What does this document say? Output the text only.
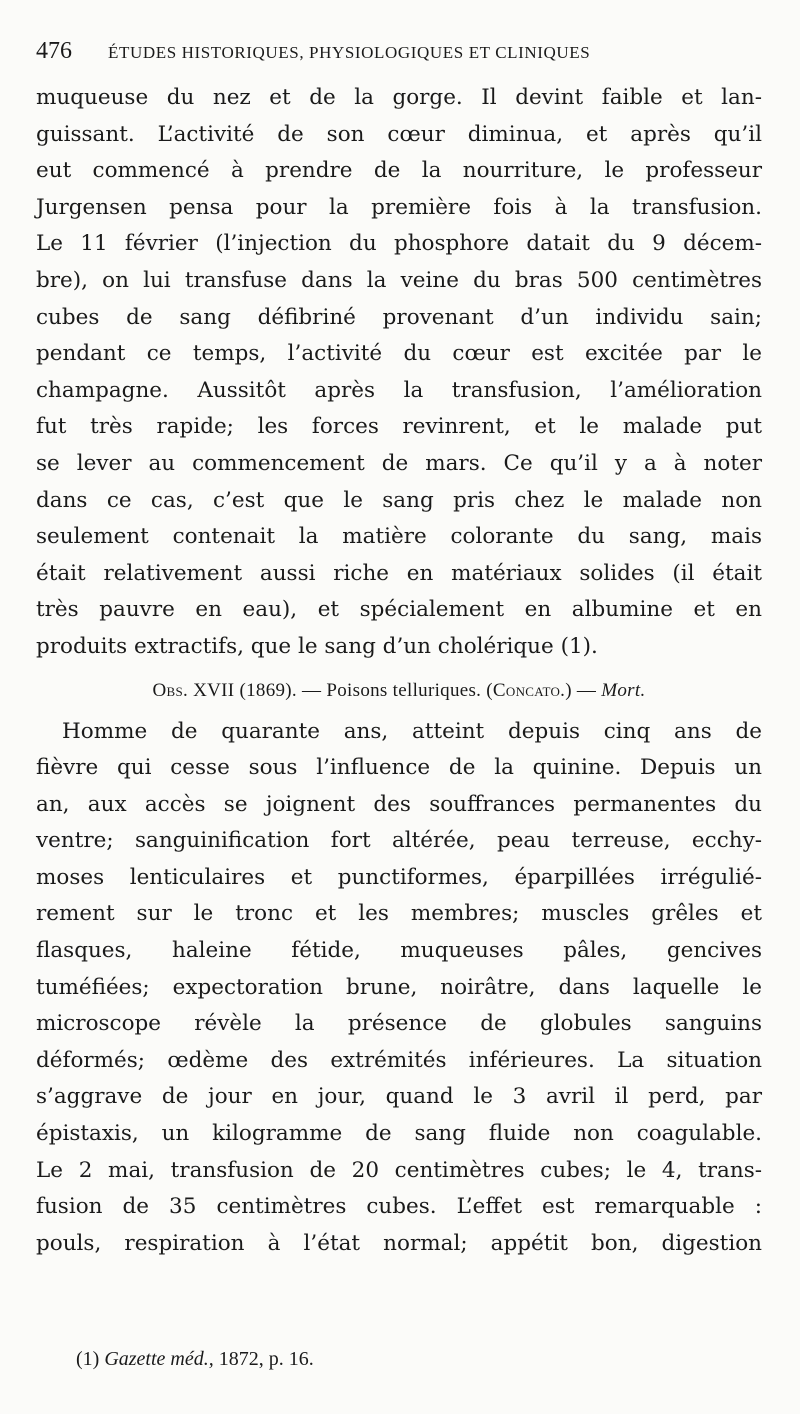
476 ÉTUDES HISTORIQUES, PHYSIOLOGIQUES ET CLINIQUES
muqueuse du nez et de la gorge. Il devint faible et lan-
guissant. L’activité de son cœur diminua, et après qu’il
eut commencé à prendre de la nourriture, le professeur
Jurgensen pensa pour la première fois à la transfusion.
Le 11 février (l’injection du phosphore datait du 9 décem-
bre), on lui transfuse dans la veine du bras 500 centimètres
cubes de sang défibriné provenant d’un individu sain;
pendant ce temps, l’activité du cœur est excitée par le
champagne. Aussitôt après la transfusion, l’amélioration
fut très rapide; les forces revinrent, et le malade put
se lever au commencement de mars. Ce qu’il y a à noter
dans ce cas, c’est que le sang pris chez le malade non
seulement contenait la matière colorante du sang, mais
était relativement aussi riche en matériaux solides (il était
très pauvre en eau), et spécialement en albumine et en
produits extractifs, que le sang d’un cholérique (1).
Obs. XVII (1869). — Poisons telluriques. (Concato.) — Mort.
Homme de quarante ans, atteint depuis cinq ans de
fièvre qui cesse sous l’influence de la quinine. Depuis un
an, aux accès se joignent des souffrances permanentes du
ventre; sanguinification fort altérée, peau terreuse, ecchy-
moses lenticulaires et punctiformes, éparpillées irrégulié-
rement sur le tronc et les membres; muscles grêles et
flasques, haleine fétide, muqueuses pâles, gencives
tuméfiées; expectoration brune, noirâtre, dans laquelle le
microscope révèle la présence de globules sanguins
déformés; œdème des extrémités inférieures. La situation
s’aggrave de jour en jour, quand le 3 avril il perd, par
épistaxis, un kilogramme de sang fluide non coagulable.
Le 2 mai, transfusion de 20 centimètres cubes; le 4, trans-
fusion de 35 centimètres cubes. L’effet est remarquable :
pouls, respiration à l’état normal; appétit bon, digestion
(1) Gazette méd., 1872, p. 16.
